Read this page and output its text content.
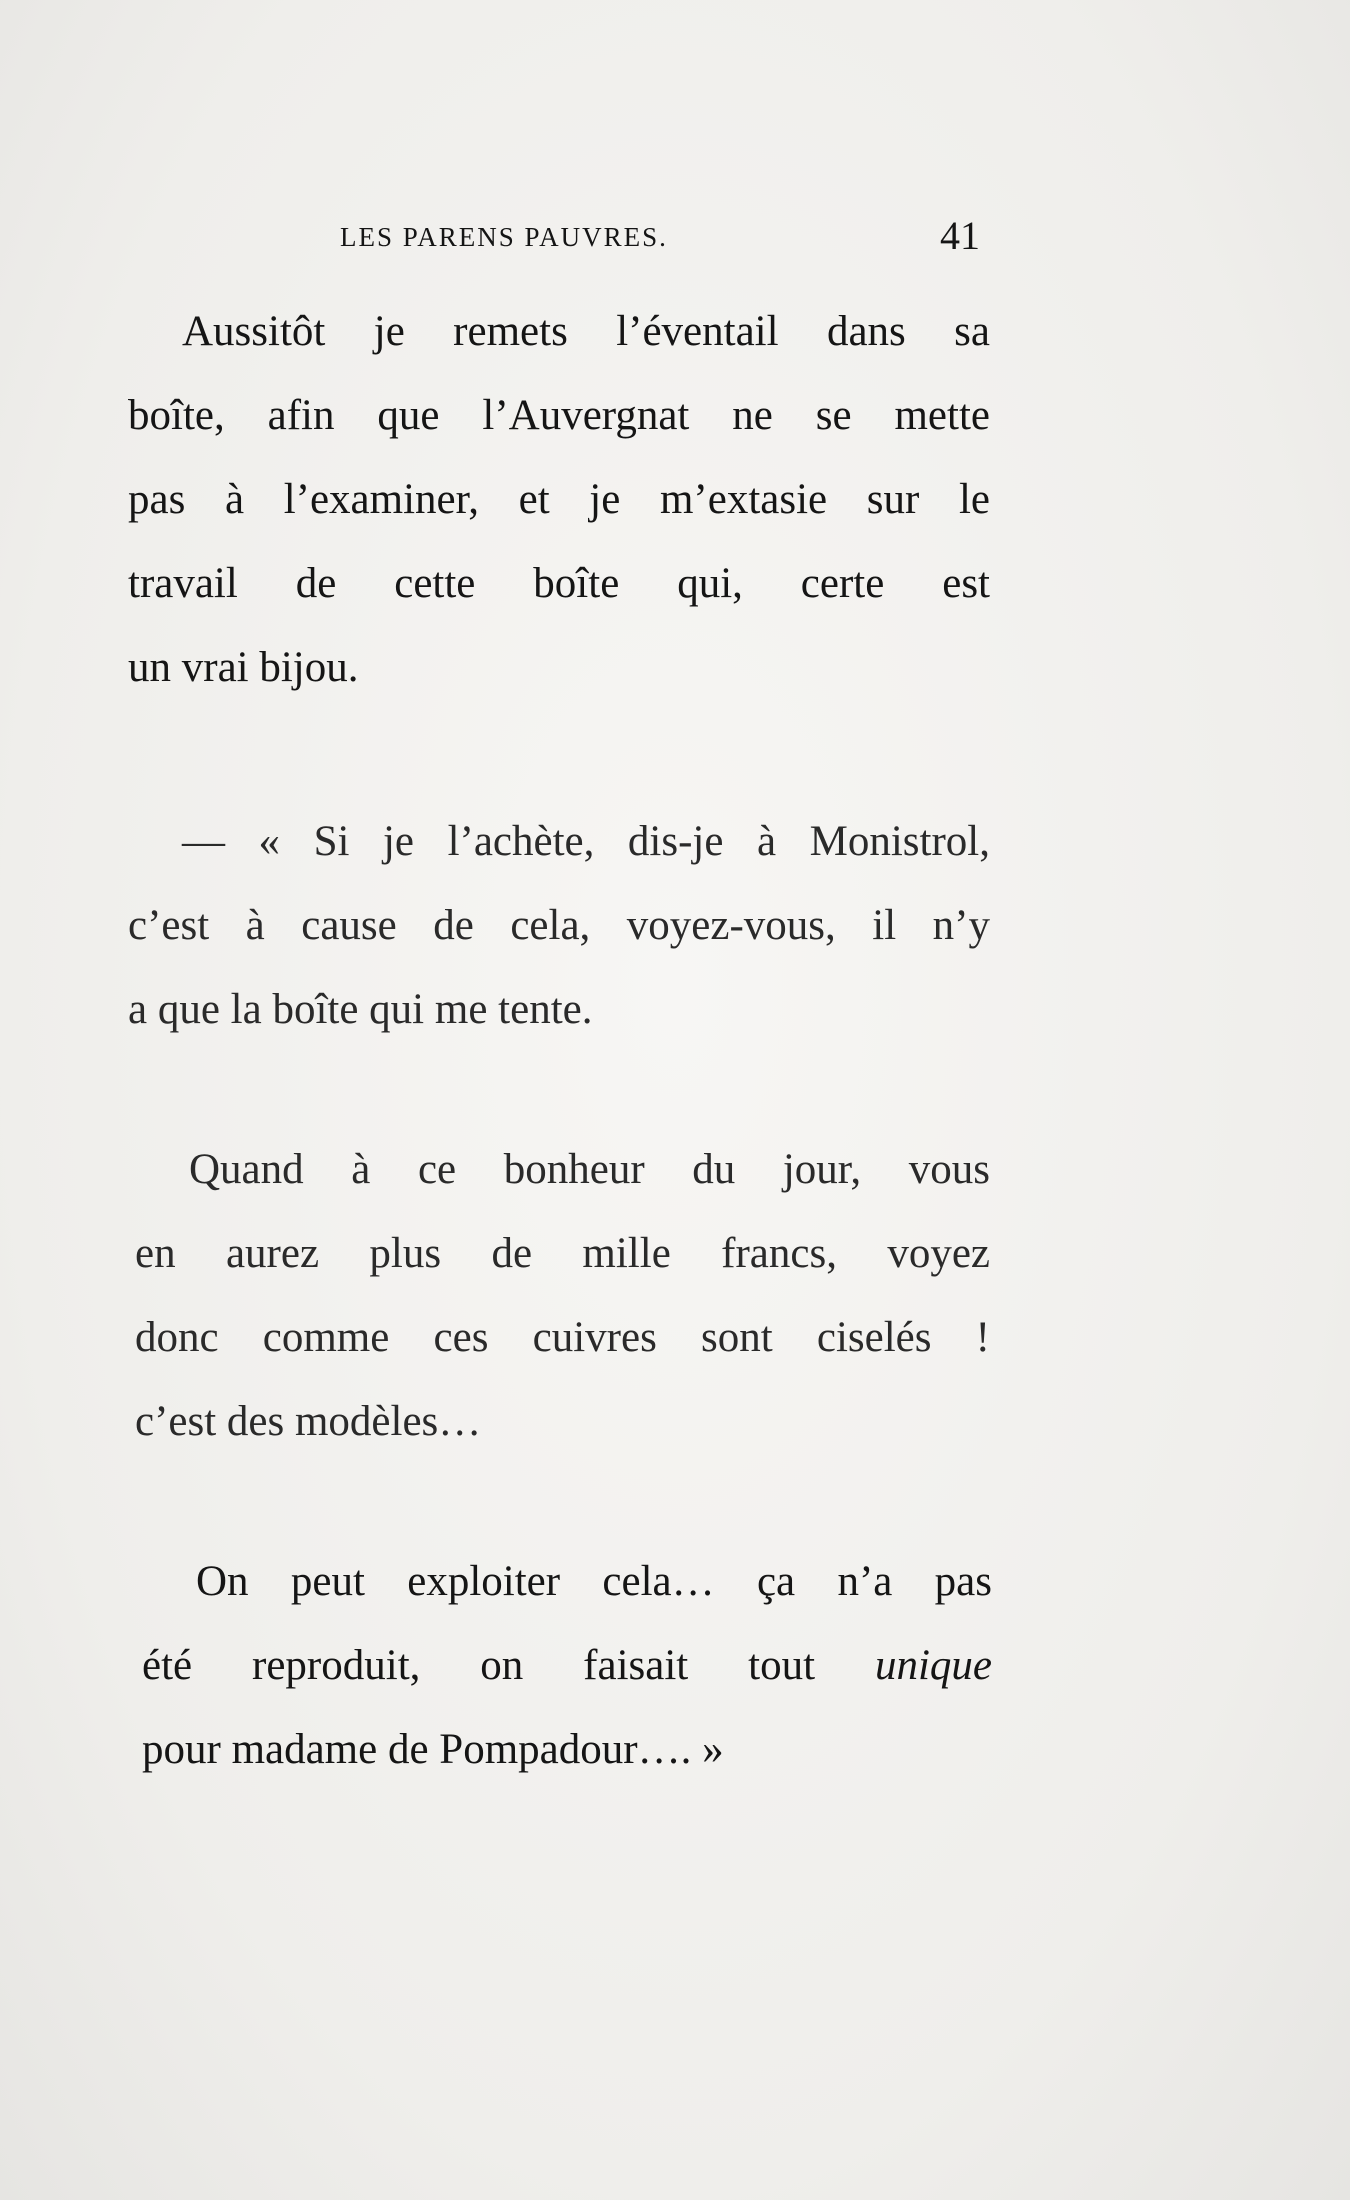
LES PARENS PAUVRES.	41
Aussitôt je remets l’éventail dans sa
boîte, afin que l’Auvergnat ne se mette
pas à l’examiner, et je m’extasie sur le
travail de cette boîte qui, certe est
un vrai bijou.
— « Si je l’achète, dis-je à Monistrol,
c’est à cause de cela, voyez-vous, il n’y
a que la boîte qui me tente.
Quand à ce bonheur du jour, vous
en aurez plus de mille francs, voyez
donc comme ces cuivres sont ciselés !
c’est des modèles…
On peut exploiter cela… ça n’a pas
été reproduit, on faisait tout unique
pour madame de Pompadour…. »
